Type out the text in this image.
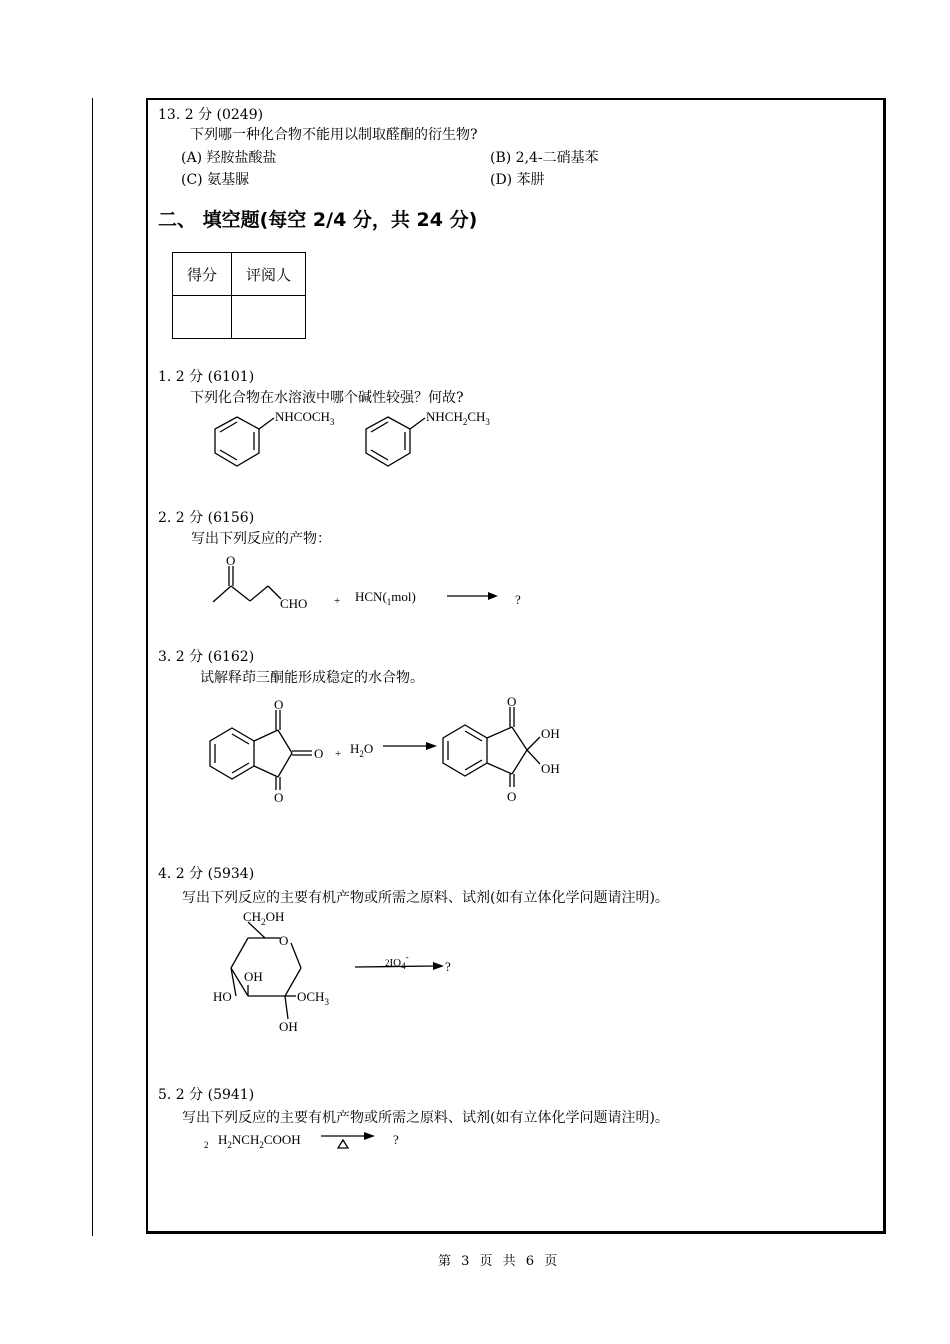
13. 2 分 (0249)
下列哪一种化合物不能用以制取醛酮的衍生物?
(A) 羟胺盐酸盐	(B) 2,4-二硝基苯
(C) 氨基脲	(D) 苯肼
二、 填空题(每空 2/4 分，共 24 分)
得分	评阅人

1. 2 分 (6101)
下列化合物在水溶液中哪个碱性较强？何故?
$NHCOCH_3$	$NHCH_2CH_3$
O
CHO + $HCN(_1mol)$	?
O
O
O
+ $H_2O$
O
OH
OH
O
$CH_2OH$
O
OH
HO	$OCH_3$
OH
$2IO_4^-$
?
2 $H_2NCH_2COOH$	?
2. 2 分 (6156)
写出下列反应的产物：
3. 2 分 (6162)
试解释茚三酮能形成稳定的水合物。
4. 2 分 (5934)
写出下列反应的主要有机产物或所需之原料、试剂(如有立体化学问题请注明)。
5. 2 分 (5941)
写出下列反应的主要有机产物或所需之原料、试剂(如有立体化学问题请注明)。
第 3 页 共 6 页
